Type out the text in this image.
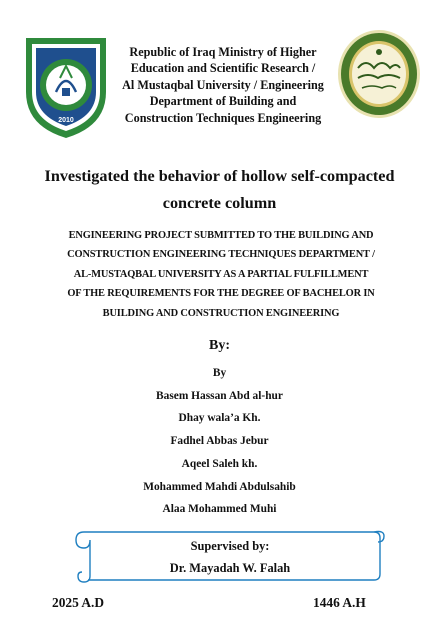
2010
Republic of Iraq Ministry of Higher
Education and Scientific Research /
Al Mustaqbal University / Engineering
Department of Building and
Construction Techniques Engineering
Investigated the behavior of hollow self-compacted
concrete column
ENGINEERING PROJECT SUBMITTED TO THE BUILDING AND
CONSTRUCTION ENGINEERING TECHNIQUES DEPARTMENT /
AL-MUSTAQBAL UNIVERSITY AS A PARTIAL FULFILLMENT
OF THE REQUIREMENTS FOR THE DEGREE OF BACHELOR IN
BUILDING AND CONSTRUCTION ENGINEERING
By:
By
Basem Hassan Abd al-hur
Dhay wala’a Kh.
Fadhel Abbas Jebur
Aqeel Saleh kh.
Mohammed Mahdi Abdulsahib
Alaa Mohammed Muhi
Supervised by:
Dr. Mayadah W. Falah
2025 A.D	1446 A.H
